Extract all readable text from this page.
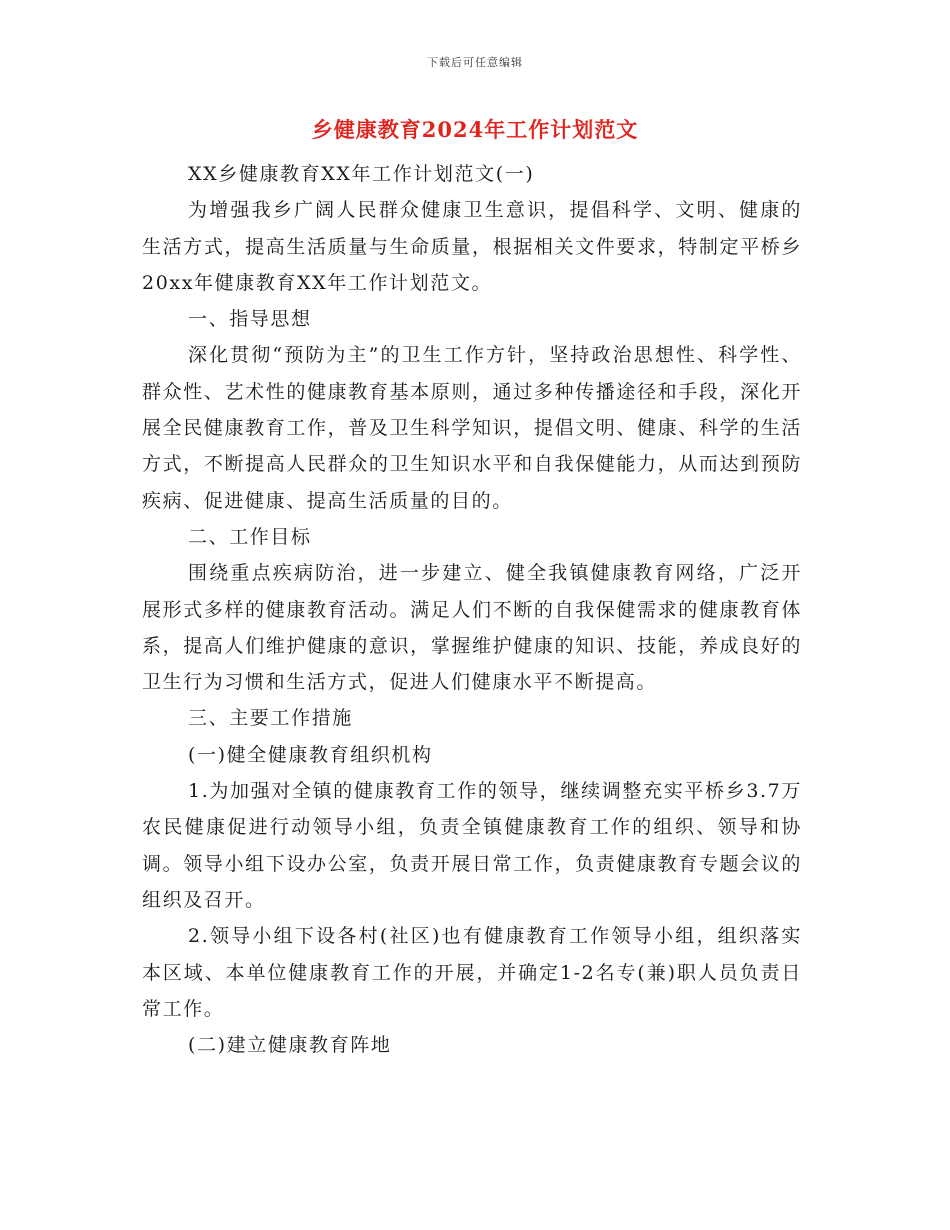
下载后可任意编辑
乡健康教育2024年工作计划范文

XX乡健康教育XX年工作计划范文(一)

为增强我乡广阔人民群众健康卫生意识，提倡科学、文明、健康的生活方式，提高生活质量与生命质量，根据相关文件要求，特制定平桥乡20xx年健康教育XX年工作计划范文。

一、指导思想

深化贯彻“预防为主”的卫生工作方针，坚持政治思想性、科学性、群众性、艺术性的健康教育基本原则，通过多种传播途径和手段，深化开展全民健康教育工作，普及卫生科学知识，提倡文明、健康、科学的生活方式，不断提高人民群众的卫生知识水平和自我保健能力，从而达到预防疾病、促进健康、提高生活质量的目的。

二、工作目标

围绕重点疾病防治，进一步建立、健全我镇健康教育网络，广泛开展形式多样的健康教育活动。满足人们不断的自我保健需求的健康教育体系，提高人们维护健康的意识，掌握维护健康的知识、技能，养成良好的卫生行为习惯和生活方式，促进人们健康水平不断提高。

三、主要工作措施

(一)健全健康教育组织机构

1.为加强对全镇的健康教育工作的领导，继续调整充实平桥乡3.7万农民健康促进行动领导小组，负责全镇健康教育工作的组织、领导和协调。领导小组下设办公室，负责开展日常工作，负责健康教育专题会议的组织及召开。

2.领导小组下设各村(社区)也有健康教育工作领导小组，组织落实本区域、本单位健康教育工作的开展，并确定1-2名专(兼)职人员负责日常工作。

(二)建立健康教育阵地
